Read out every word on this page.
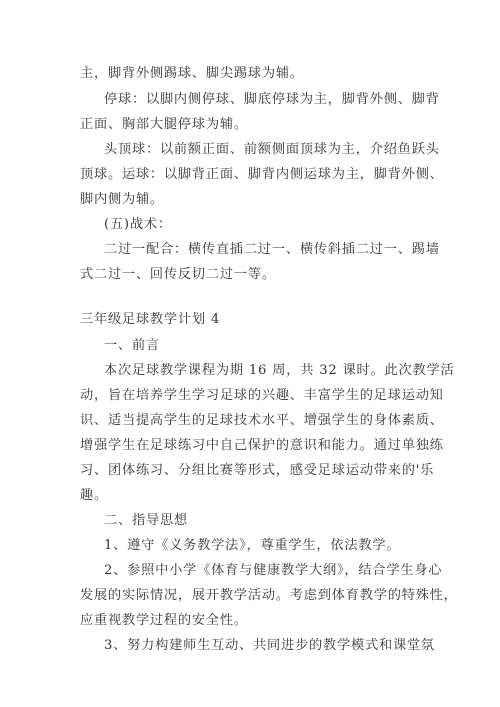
主，脚背外侧踢球、脚尖踢球为辅。
停球：以脚内侧停球、脚底停球为主，脚背外侧、脚背
正面、胸部大腿停球为辅。
头顶球：以前额正面、前额侧面顶球为主，介绍鱼跃头
顶球。运球：以脚背正面、脚背内侧运球为主，脚背外侧、
脚内侧为辅。
(五)战术：
二过一配合：横传直插二过一、横传斜插二过一、踢墙
式二过一、回传反切二过一等。
三年级足球教学计划 4
一、前言
本次足球教学课程为期 16 周，共 32 课时。此次教学活
动，旨在培养学生学习足球的兴趣、丰富学生的足球运动知
识、适当提高学生的足球技术水平、增强学生的身体素质、
增强学生在足球练习中自己保护的意识和能力。通过单独练
习、团体练习、分组比赛等形式，感受足球运动带来的'乐
趣。
二、指导思想
1、遵守《义务教学法》，尊重学生，依法教学。
2、参照中小学《体育与健康教学大纲》，结合学生身心
发展的实际情况，展开教学活动。考虑到体育教学的特殊性，
应重视教学过程的安全性。
3、努力构建师生互动、共同进步的教学模式和课堂氛
